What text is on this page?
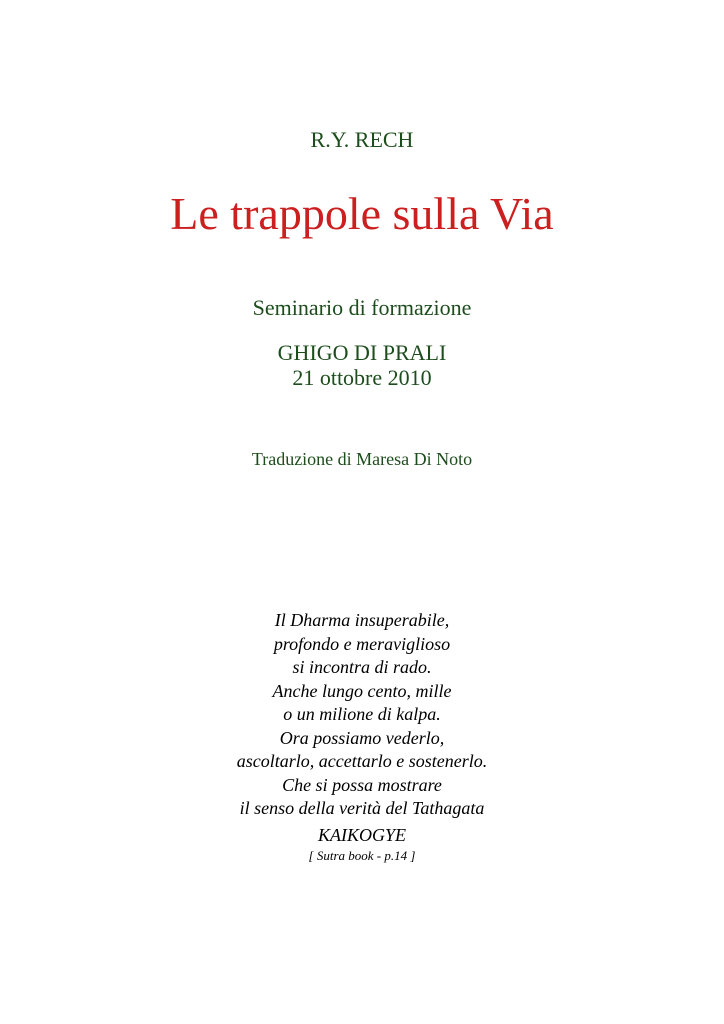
R.Y. RECH
Le trappole sulla Via
Seminario di formazione
GHIGO DI PRALI
21 ottobre 2010
Traduzione di Maresa Di Noto
Il Dharma insuperabile,
profondo e meraviglioso
si incontra di rado.
Anche lungo cento, mille
o un milione di kalpa.
Ora possiamo vederlo,
ascoltarlo, accettarlo e sostenerlo.
Che si possa mostrare
il senso della verità del Tathagata
KAIKOGYE
[ Sutra book - p.14 ]
